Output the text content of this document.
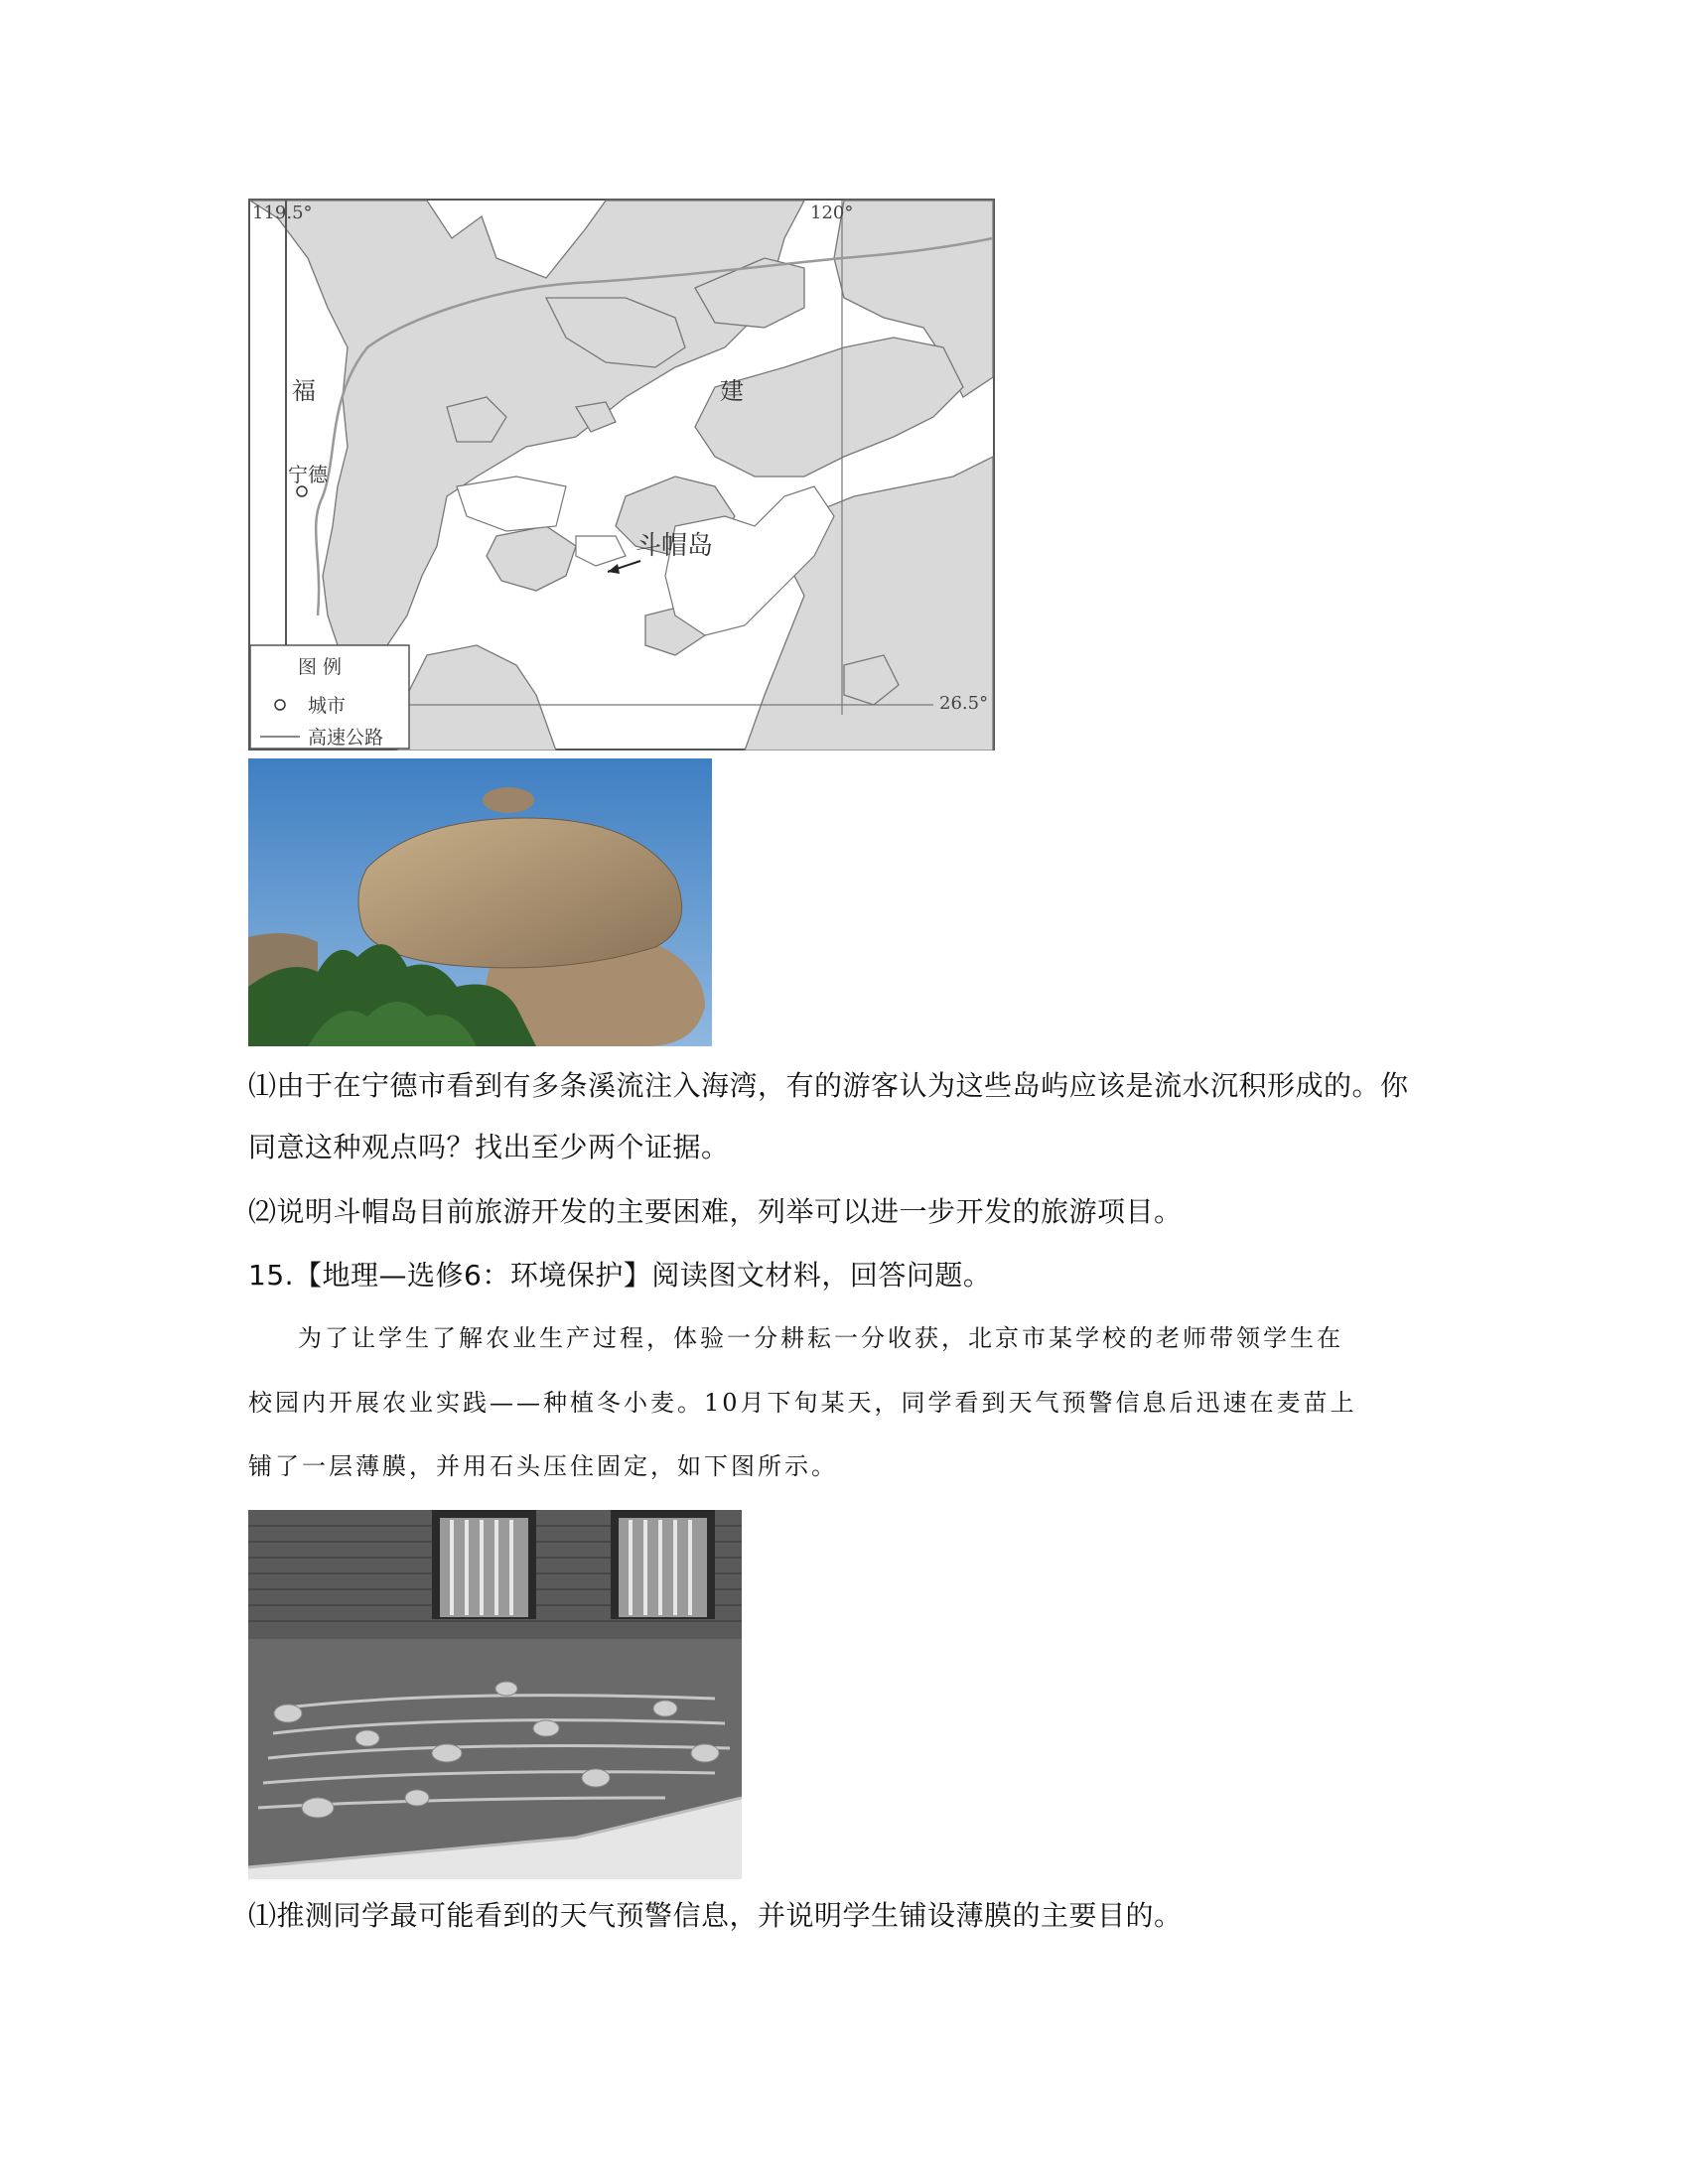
119.5°	120°
26.5°
福	建
宁德
斗帽岛
图 例
城市
高速公路
⑴由于在宁德市看到有多条溪流注入海湾，有的游客认为这些岛屿应该是流水沉积形成的。你
同意这种观点吗？找出至少两个证据。
⑵说明斗帽岛目前旅游开发的主要困难，列举可以进一步开发的旅游项目。
15.【地理—选修6：环境保护】阅读图文材料，回答问题。
为了让学生了解农业生产过程，体验一分耕耘一分收获，北京市某学校的老师带领学生在
校园内开展农业实践——种植冬小麦。10月下旬某天，同学看到天气预警信息后迅速在麦苗上
铺了一层薄膜，并用石头压住固定，如下图所示。
⑴推测同学最可能看到的天气预警信息，并说明学生铺设薄膜的主要目的。
